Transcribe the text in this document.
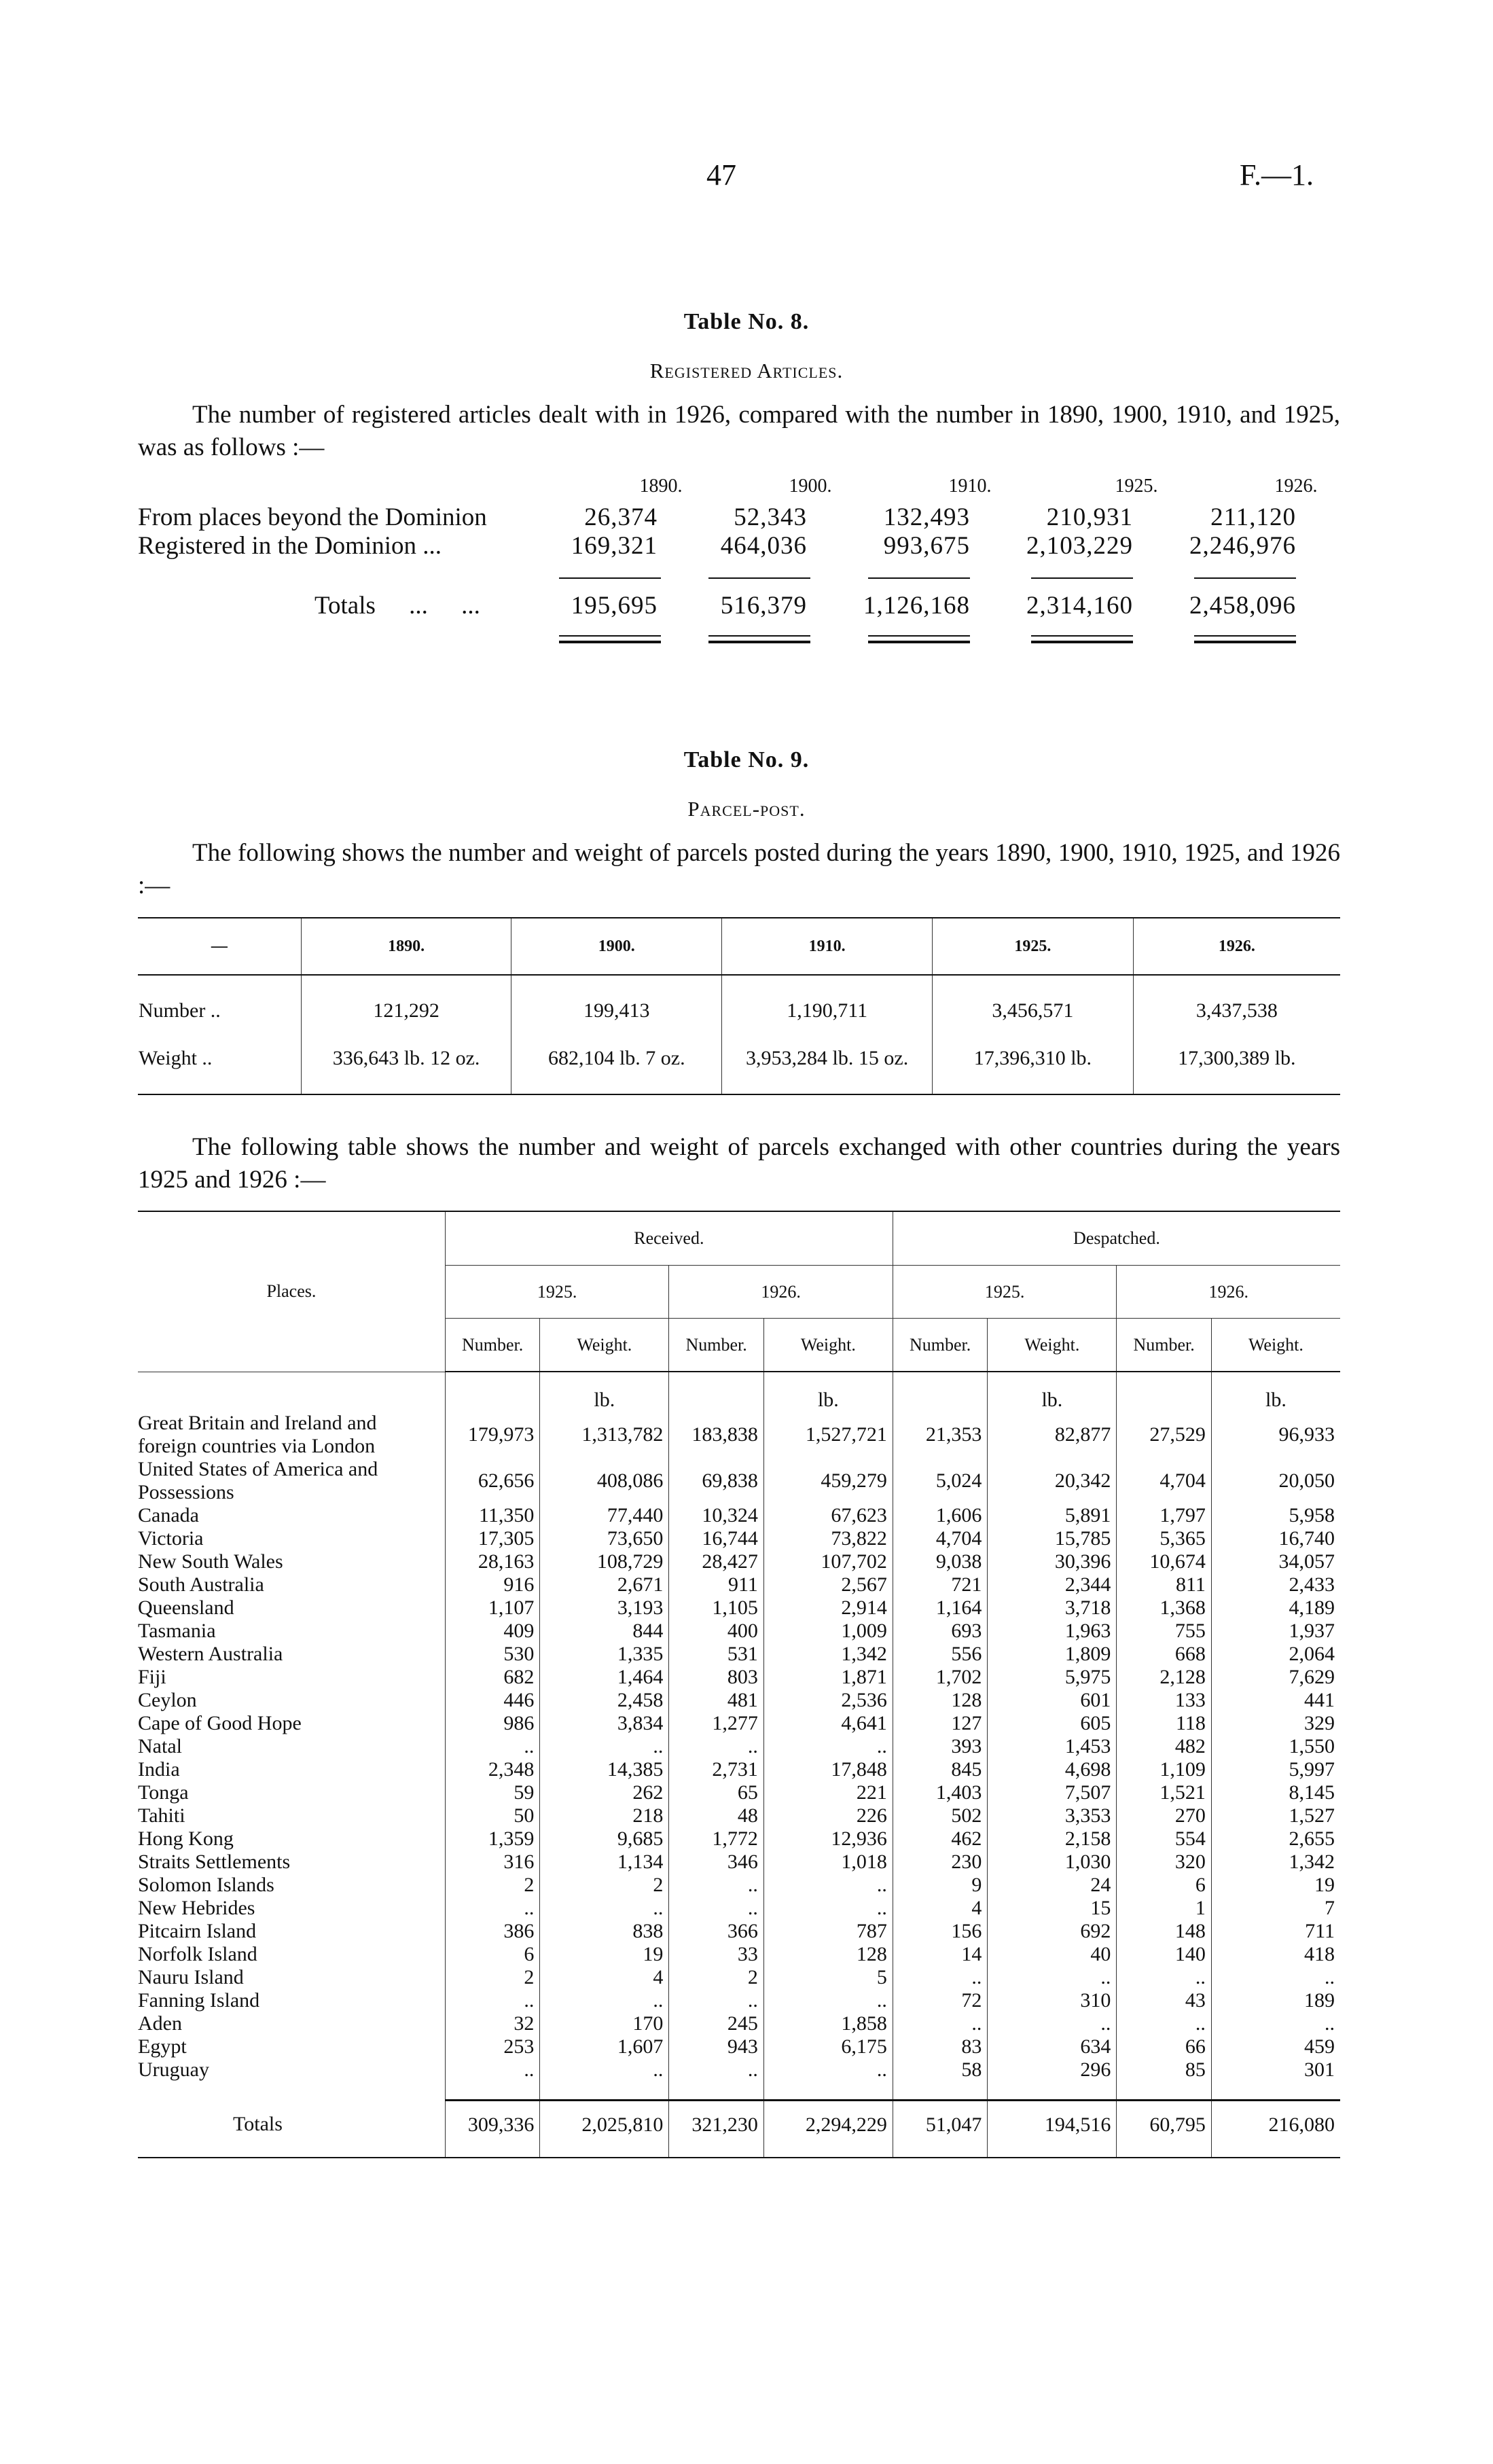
47	F.—1.
Table No. 8.
Registered Articles.
The number of registered articles dealt with in 1926, compared with the number in 1890, 1900, 1910, and 1925, was as follows :—
1890.	1900.	1910.	1925.	1926.
From places beyond the Dominion	26,374	52,343	132,493	210,931	211,120
Registered in the Dominion ...	169,321	464,036	993,675	2,103,229	2,246,976
Totals ... ...	195,695	516,379	1,126,168	2,314,160	2,458,096
Table No. 9.
Parcel-post.
The following shows the number and weight of parcels posted during the years 1890, 1900, 1910, 1925, and 1926 :—
—	1890.	1900.	1910.	1925.	1926.
Number ..	121,292	199,413	1,190,711	3,456,571	3,437,538
Weight ..	336,643 lb. 12 oz.	682,104 lb. 7 oz.	3,953,284 lb. 15 oz.	17,396,310 lb.	17,300,389 lb.
The following table shows the number and weight of parcels exchanged with other countries during the years 1925 and 1926 :—
Places.	Received.				Despatched.			
	1925.		1926.		1925.		1926.	
	Number.	Weight.	Number.	Weight.	Number.	Weight.	Number.	Weight.
		lb.		lb.		lb.		lb.
Great Britain and Ireland and foreign countries via London	179,973	1,313,782	183,838	1,527,721	21,353	82,877	27,529	96,933
United States of America and Possessions	62,656	408,086	69,838	459,279	5,024	20,342	4,704	20,050
Canada	11,350	77,440	10,324	67,623	1,606	5,891	1,797	5,958
Victoria	17,305	73,650	16,744	73,822	4,704	15,785	5,365	16,740
New South Wales	28,163	108,729	28,427	107,702	9,038	30,396	10,674	34,057
South Australia	916	2,671	911	2,567	721	2,344	811	2,433
Queensland	1,107	3,193	1,105	2,914	1,164	3,718	1,368	4,189
Tasmania	409	844	400	1,009	693	1,963	755	1,937
Western Australia	530	1,335	531	1,342	556	1,809	668	2,064
Fiji	682	1,464	803	1,871	1,702	5,975	2,128	7,629
Ceylon	446	2,458	481	2,536	128	601	133	441
Cape of Good Hope	986	3,834	1,277	4,641	127	605	118	329
Natal	..	..	..	..	393	1,453	482	1,550
India	2,348	14,385	2,731	17,848	845	4,698	1,109	5,997
Tonga	59	262	65	221	1,403	7,507	1,521	8,145
Tahiti	50	218	48	226	502	3,353	270	1,527
Hong Kong	1,359	9,685	1,772	12,936	462	2,158	554	2,655
Straits Settlements	316	1,134	346	1,018	230	1,030	320	1,342
Solomon Islands	2	2	..	..	9	24	6	19
New Hebrides	..	..	..	..	4	15	1	7
Pitcairn Island	386	838	366	787	156	692	148	711
Norfolk Island	6	19	33	128	14	40	140	418
Nauru Island	2	4	2	5	..	..	..	..
Fanning Island	..	..	..	..	72	310	43	189
Aden	32	170	245	1,858	..	..	..	..
Egypt	253	1,607	943	6,175	83	634	66	459
Uruguay	..	..	..	..	58	296	85	301

Totals	309,336	2,025,810	321,230	2,294,229	51,047	194,516	60,795	216,080
